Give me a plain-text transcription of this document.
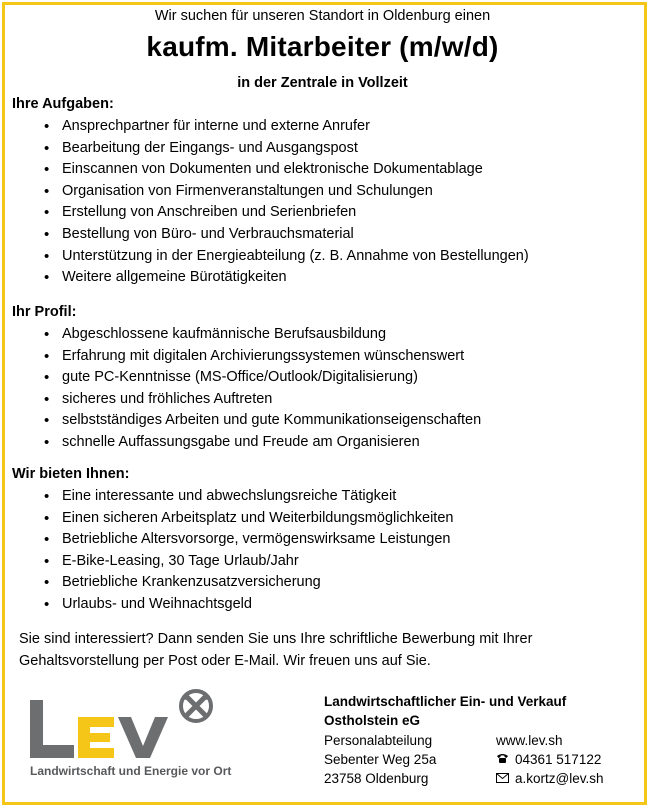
Wir suchen für unseren Standort in Oldenburg einen
kaufm. Mitarbeiter (m/w/d)
in der Zentrale in Vollzeit
Ihre Aufgaben:
• Ansprechpartner für interne und externe Anrufer
• Bearbeitung der Eingangs- und Ausgangspost
• Einscannen von Dokumenten und elektronische Dokumentablage
• Organisation von Firmenveranstaltungen und Schulungen
• Erstellung von Anschreiben und Serienbriefen
• Bestellung von Büro- und Verbrauchsmaterial
• Unterstützung in der Energieabteilung (z. B. Annahme von Bestellungen)
• Weitere allgemeine Bürotätigkeiten
Ihr Profil:
• Abgeschlossene kaufmännische Berufsausbildung
• Erfahrung mit digitalen Archivierungssystemen wünschenswert
• gute PC-Kenntnisse (MS-Office/Outlook/Digitalisierung)
• sicheres und fröhliches Auftreten
• selbstständiges Arbeiten und gute Kommunikationseigenschaften
• schnelle Auffassungsgabe und Freude am Organisieren
Wir bieten Ihnen:
• Eine interessante und abwechslungsreiche Tätigkeit
• Einen sicheren Arbeitsplatz und Weiterbildungsmöglichkeiten
• Betriebliche Altersvorsorge, vermögenswirksame Leistungen
• E-Bike-Leasing, 30 Tage Urlaub/Jahr
• Betriebliche Krankenzusatzversicherung
• Urlaubs- und Weihnachtsgeld
Sie sind interessiert? Dann senden Sie uns Ihre schriftliche Bewerbung mit Ihrer
Gehaltsvorstellung per Post oder E-Mail. Wir freuen uns auf Sie.
Landwirtschaft und Energie vor Ort
Landwirtschaftlicher Ein- und Verkauf
Ostholstein eG
Personalabteilung
Sebenter Weg 25a
23758 Oldenburg
www.lev.sh
04361 517122
a.kortz@lev.sh
